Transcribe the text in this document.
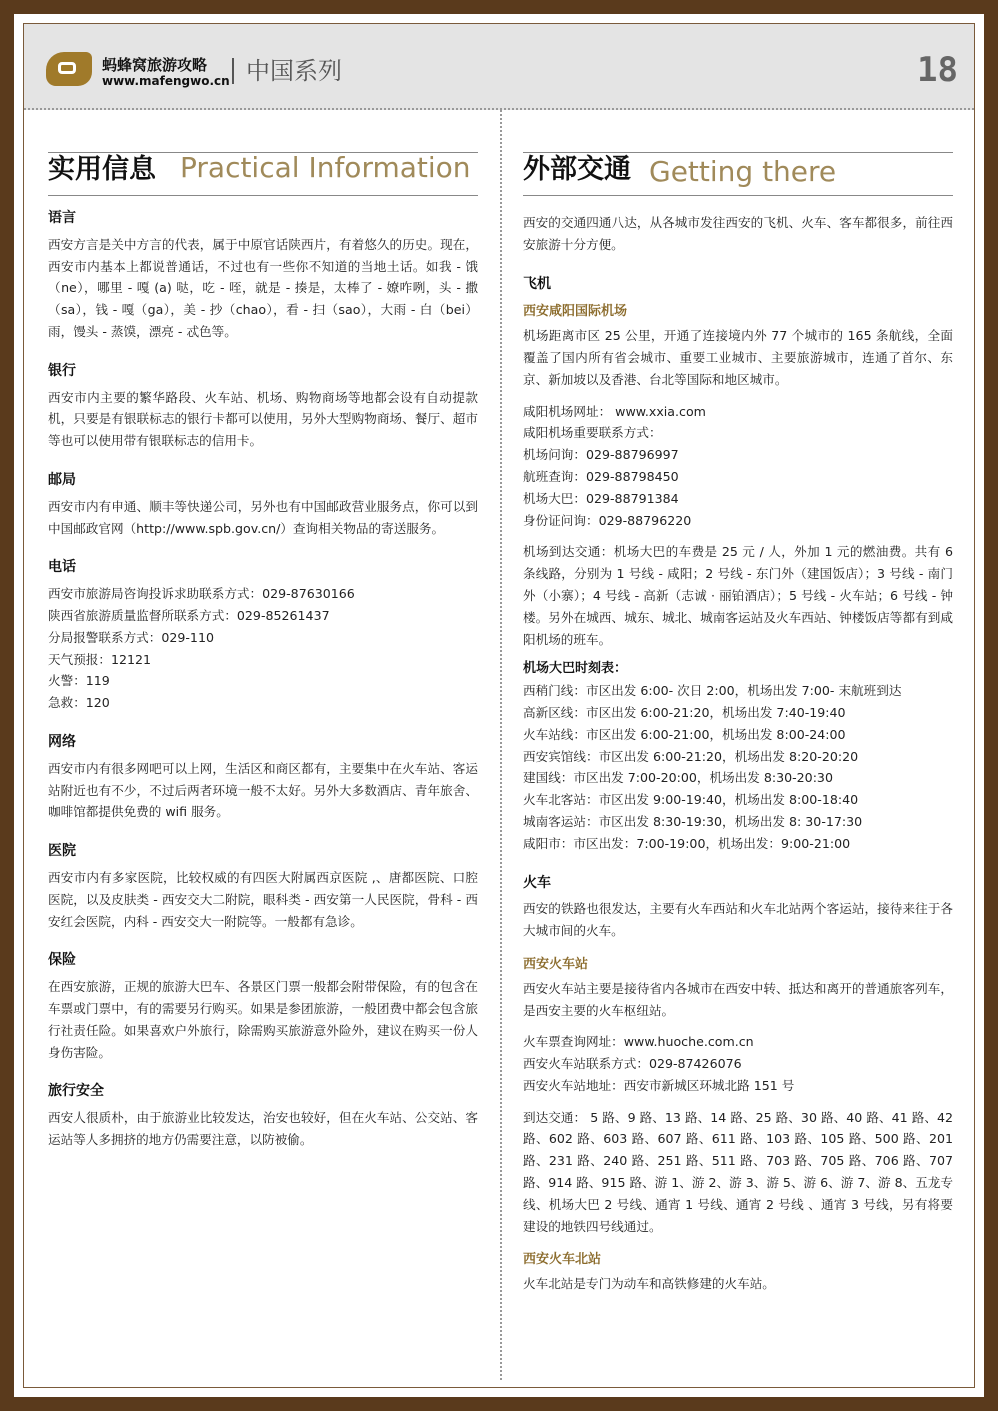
蚂蜂窝旅游攻略
www.mafengwo.cn 中国系列	18
实用信息 Practical Information
语言
西安方言是关中方言的代表，属于中原官话陕西片，有着悠久的历史。现在，西安市内基本上都说普通话，不过也有一些你不知道的当地土话。如我 - 饿（ne），哪里 - 嘎 (a) 哒，吃 - 咥，就是 - 揍是，太棒了 - 嫽咋咧，头 - 撒（sa），钱 - 嘎（ga），美 - 抄（chao），看 - 扫（sao），大雨 - 白（bei）雨，馒头 - 蒸馍，漂亮 - 忒色等。
银行
西安市内主要的繁华路段、火车站、机场、购物商场等地都会设有自动提款机，只要是有银联标志的银行卡都可以使用，另外大型购物商场、餐厅、超市等也可以使用带有银联标志的信用卡。
邮局
西安市内有申通、顺丰等快递公司，另外也有中国邮政营业服务点，你可以到中国邮政官网（http://www.spb.gov.cn/）查询相关物品的寄送服务。
电话
西安市旅游局咨询投诉求助联系方式：029-87630166
陕西省旅游质量监督所联系方式：029-85261437
分局报警联系方式：029-110
天气预报：12121
火警：119
急救：120
网络
西安市内有很多网吧可以上网，生活区和商区都有，主要集中在火车站、客运站附近也有不少，不过后两者环境一般不太好。另外大多数酒店、青年旅舍、咖啡馆都提供免费的 wifi 服务。
医院
西安市内有多家医院，比较权威的有四医大附属西京医院 ,、唐都医院、口腔医院，以及皮肤类 - 西安交大二附院，眼科类 - 西安第一人民医院，骨科 - 西安红会医院，内科 - 西安交大一附院等。一般都有急诊。
保险
在西安旅游，正规的旅游大巴车、各景区门票一般都会附带保险，有的包含在车票或门票中，有的需要另行购买。如果是参团旅游，一般团费中都会包含旅行社责任险。如果喜欢户外旅行，除需购买旅游意外险外，建议在购买一份人身伤害险。
旅行安全
西安人很质朴，由于旅游业比较发达，治安也较好，但在火车站、公交站、客运站等人多拥挤的地方仍需要注意，以防被偷。
外部交通 Getting there
西安的交通四通八达，从各城市发往西安的飞机、火车、客车都很多，前往西安旅游十分方便。
飞机
西安咸阳国际机场
机场距离市区 25 公里，开通了连接境内外 77 个城市的 165 条航线，全面覆盖了国内所有省会城市、重要工业城市、主要旅游城市，连通了首尔、东京、新加坡以及香港、台北等国际和地区城市。
咸阳机场网址： www.xxia.com
咸阳机场重要联系方式：
机场问询：029-88796997
航班查询：029-88798450
机场大巴：029-88791384
身份证问询：029-88796220
机场到达交通：机场大巴的车费是 25 元 / 人，外加 1 元的燃油费。共有 6 条线路，分别为 1 号线 - 咸阳；2 号线 - 东门外（建国饭店）；3 号线 - 南门外（小寨）；4 号线 - 高新（志诚 · 丽铂酒店）；5 号线 - 火车站；6 号线 - 钟楼。另外在城西、城东、城北、城南客运站及火车西站、钟楼饭店等都有到咸阳机场的班车。
机场大巴时刻表：
西稍门线：市区出发 6:00- 次日 2:00，机场出发 7:00- 末航班到达
高新区线：市区出发 6:00-21:20，机场出发 7:40-19:40
火车站线：市区出发 6:00-21:00，机场出发 8:00-24:00
西安宾馆线：市区出发 6:00-21:20，机场出发 8:20-20:20
建国线：市区出发 7:00-20:00，机场出发 8:30-20:30
火车北客站：市区出发 9:00-19:40，机场出发 8:00-18:40
城南客运站：市区出发 8:30-19:30，机场出发 8: 30-17:30
咸阳市：市区出发：7:00-19:00，机场出发：9:00-21:00
火车
西安的铁路也很发达，主要有火车西站和火车北站两个客运站，接待来往于各大城市间的火车。
西安火车站
西安火车站主要是接待省内各城市在西安中转、抵达和离开的普通旅客列车，是西安主要的火车枢纽站。
火车票查询网址：www.huoche.com.cn
西安火车站联系方式：029-87426076
西安火车站地址：西安市新城区环城北路 151 号
到达交通： 5 路、9 路、13 路、14 路、25 路、30 路、40 路、41 路、42 路、602 路、603 路、607 路、611 路、103 路、105 路、500 路、201 路、231 路、240 路、251 路、511 路、703 路、705 路、706 路、707 路、914 路、915 路、游 1、游 2、游 3、游 5、游 6、游 7、游 8、五龙专线、机场大巴 2 号线、通宵 1 号线、通宵 2 号线 、通宵 3 号线，另有将要建设的地铁四号线通过。
西安火车北站
火车北站是专门为动车和高铁修建的火车站。
